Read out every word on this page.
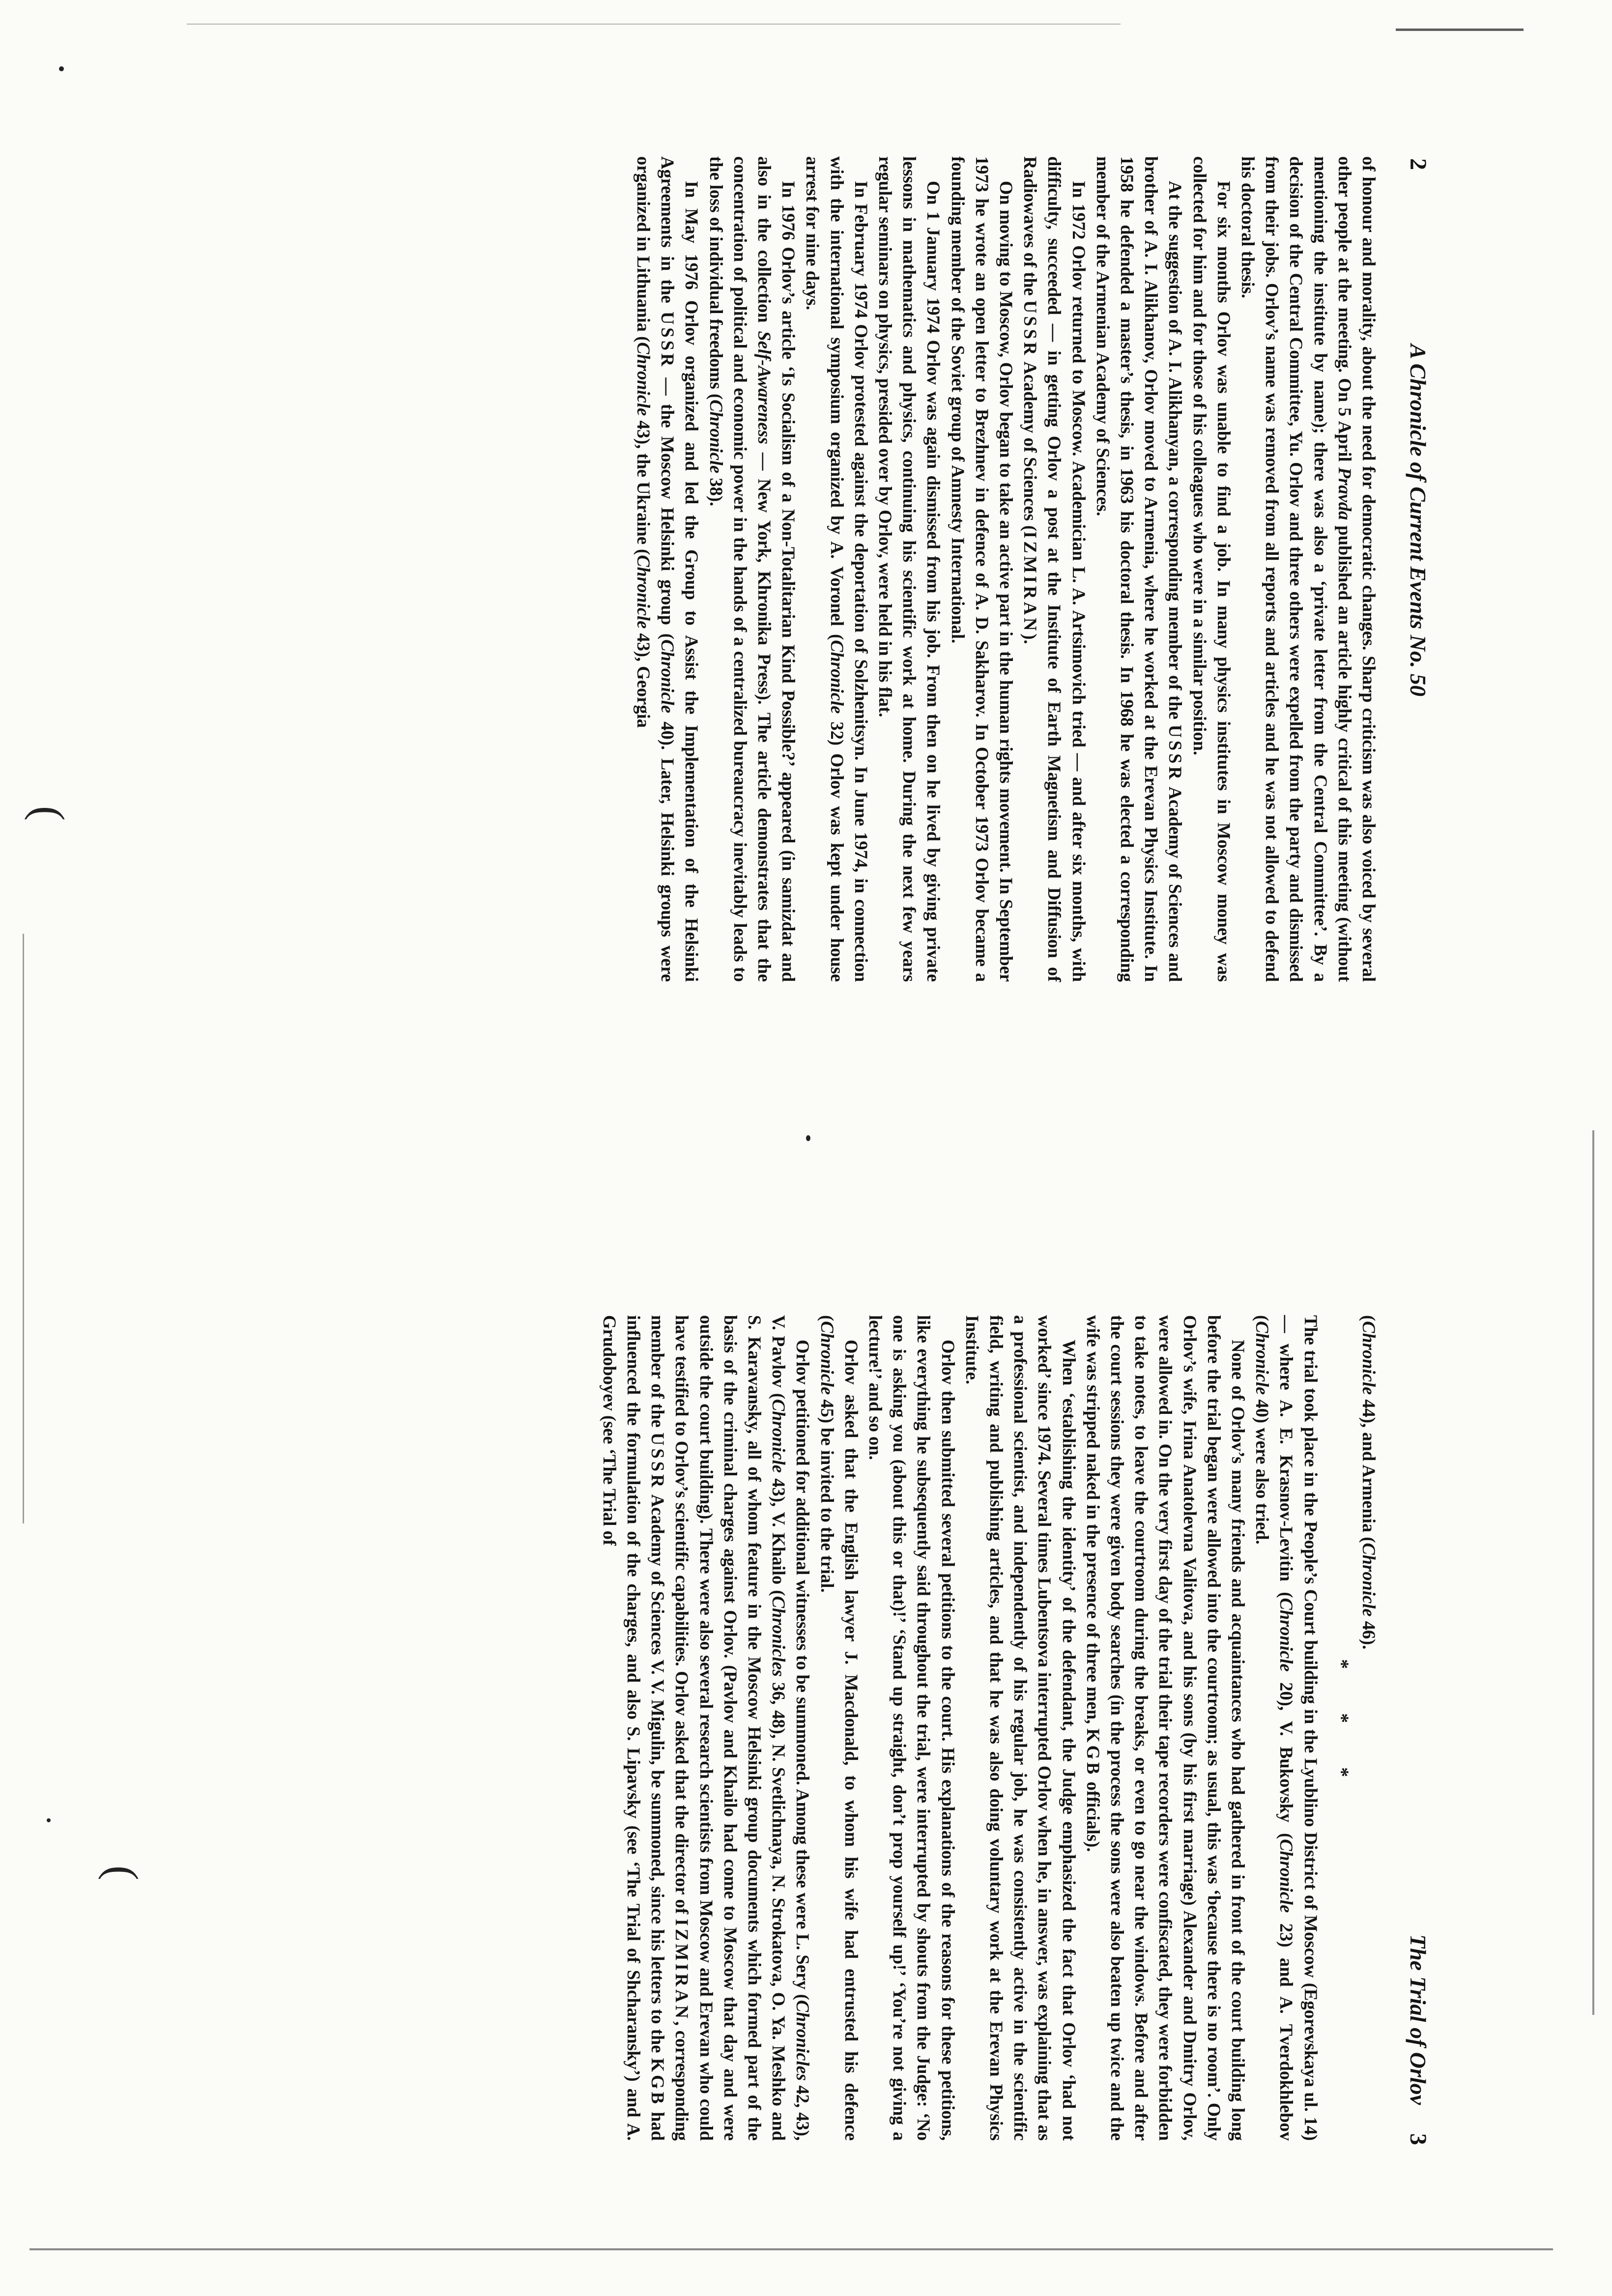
2
A Chronicle of Current Events No. 50

of honour and morality, about the need for democratic changes. Sharp criticism was also voiced by several other people at the meeting. On 5 April Pravda published an article highly critical of this meeting (without mentioning the institute by name); there was also a ‘private letter from the Central Committee’. By a decision of the Central Committee, Yu. Orlov and three others were expelled from the party and dismissed from their jobs. Orlov’s name was removed from all reports and articles and he was not allowed to defend his doctoral thesis.

For six months Orlov was unable to find a job. In many physics institutes in Moscow money was collected for him and for those of his colleagues who were in a similar position.

At the suggestion of A. I. Alikhanyan, a corresponding member of the USSR Academy of Sciences and brother of A. I. Alikhanov, Orlov moved to Armenia, where he worked at the Erevan Physics Institute. In 1958 he defended a master’s thesis, in 1963 his doctoral thesis. In 1968 he was elected a corresponding member of the Armenian Academy of Sciences.

In 1972 Orlov returned to Moscow. Academician L. A. Artsimovich tried — and after six months, with difficulty, succeeded — in getting Orlov a post at the Institute of Earth Magnetism and Diffusion of Radiowaves of the USSR Academy of Sciences (IZMIRAN).

On moving to Moscow, Orlov began to take an active part in the human rights movement. In September 1973 he wrote an open letter to Brezhnev in defence of A. D. Sakharov. In October 1973 Orlov became a founding member of the Soviet group of Amnesty International.

On 1 January 1974 Orlov was again dismissed from his job. From then on he lived by giving private lessons in mathematics and physics, continuing his scientific work at home. During the next few years regular seminars on physics, presided over by Orlov, were held in his flat.

In February 1974 Orlov protested against the deportation of Solzhenitsyn. In June 1974, in connection with the international symposium organized by A. Voronel (Chronicle 32) Orlov was kept under house arrest for nine days.

In 1976 Orlov’s article ‘Is Socialism of a Non-Totalitarian Kind Possible?’ appeared (in samizdat and also in the collection Self-Awareness — New York, Khronika Press). The article demonstrates that the concentration of political and economic power in the hands of a centralized bureaucracy inevitably leads to the loss of individual freedoms (Chronicle 38).

In May 1976 Orlov organized and led the Group to Assist the Implementation of the Helsinki Agreements in the USSR — the Moscow Helsinki group (Chronicle 40). Later, Helsinki groups were organized in Lithuania (Chronicle 43), the Ukraine (Chronicle 43), Georgia

(
The Trial of Orlov
3

(Chronicle 44), and Armenia (Chronicle 46).

* * *

The trial took place in the People’s Court building in the Lyublino District of Moscow (Egorevskaya ul. 14) — where A. E. Krasnov-Levitin (Chronicle 20), V. Bukovsky (Chronicle 23) and A. Tverdokhlebov (Chronicle 40) were also tried.

None of Orlov’s many friends and acquaintances who had gathered in front of the court building long before the trial began were allowed into the courtroom; as usual, this was ‘because there is no room’. Only Orlov’s wife, Irina Anatolevna Valitova, and his sons (by his first marriage) Alexander and Dmitry Orlov, were allowed in. On the very first day of the trial their tape recorders were confiscated, they were forbidden to take notes, to leave the courtroom during the breaks, or even to go near the windows. Before and after the court sessions they were given body searches (in the process the sons were also beaten up twice and the wife was stripped naked in the presence of three men, KGB officials).

When ‘establishing the identity’ of the defendant, the Judge emphasized the fact that Orlov ‘had not worked’ since 1974. Several times Lubentsova interrupted Orlov when he, in answer, was explaining that as a professional scientist, and independently of his regular job, he was consistently active in the scientific field, writing and publishing articles, and that he was also doing voluntary work at the Erevan Physics Institute.

Orlov then submitted several petitions to the court. His explanations of the reasons for these petitions, like everything he subsequently said throughout the trial, were interrupted by shouts from the Judge: ‘No one is asking you (about this or that)!’ ‘Stand up straight, don’t prop yourself up!’ ‘You’re not giving a lecture!’ and so on.

Orlov asked that the English lawyer J. Macdonald, to whom his wife had entrusted his defence (Chronicle 45) be invited to the trial.

Orlov petitioned for additional witnesses to be summoned. Among these were L. Sery (Chronicles 42, 43), V. Pavlov (Chronicle 43), V. Khailo (Chronicles 36, 48), N. Svetlichnaya, N. Strokatova, O. Ya. Meshko and S. Karavansky, all of whom feature in the Moscow Helsinki group documents which formed part of the basis of the criminal charges against Orlov. (Pavlov and Khailo had come to Moscow that day and were outside the court building). There were also several research scientists from Moscow and Erevan who could have testified to Orlov’s scientific capabilities. Orlov asked that the director of IZMIRAN, corresponding member of the USSR Academy of Sciences V. V. Migulin, be summoned, since his letters to the KGB had influenced the formulation of the charges, and also S. Lipavsky (see ‘The Trial of Shcharansky’) and A. Grudoboyev (see ‘The Trial of

(
